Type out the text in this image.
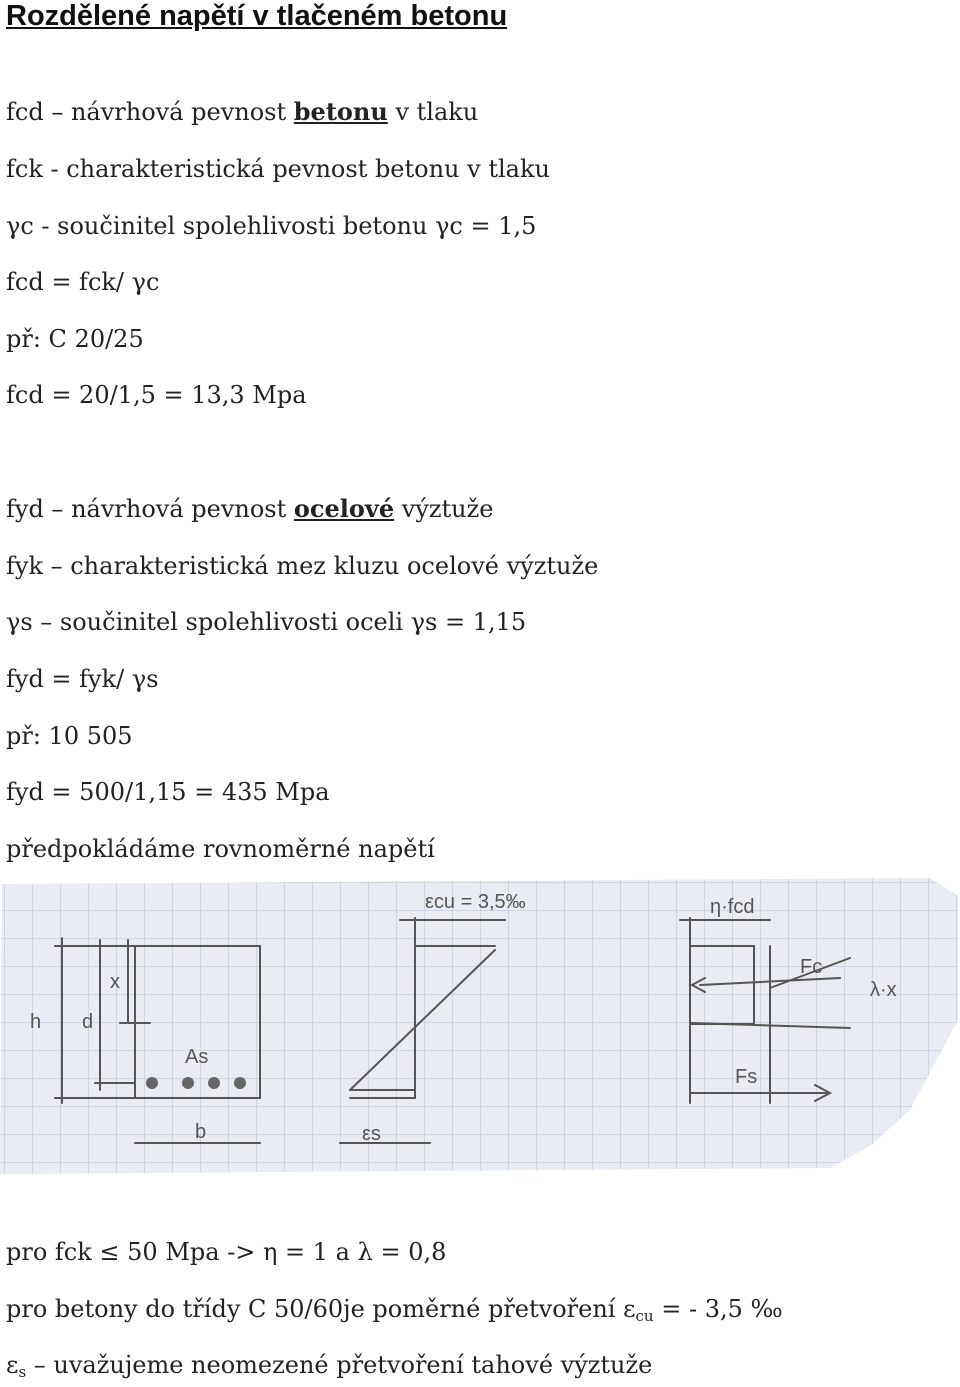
Rozdělené napětí v tlačeném betonu
fcd – návrhová pevnost betonu v tlaku
fck - charakteristická pevnost betonu v tlaku
γc - součinitel spolehlivosti betonu γc = 1,5
fcd = fck/ γc
př: C 20/25
fcd = 20/1,5 = 13,3 Mpa
fyd – návrhová pevnost ocelové výztuže
fyk – charakteristická mez kluzu ocelové výztuže
γs – součinitel spolehlivosti oceli γs = 1,15
fyd = fyk/ γs
př: 10 505
fyd = 500/1,15 = 435 Mpa
předpokládáme rovnoměrné napětí
h d
x
As
b
εcu = 3,5‰
εs
η·fcd
Fc
Fs
λ·x
pro fck ≤ 50 Mpa -> η = 1 a λ = 0,8
pro betony do třídy C 50/60je poměrné přetvoření $\varepsilon_{cu}$ = - 3,5 ‰
$\varepsilon_s$ – uvažujeme neomezené přetvoření tahové výztuže
